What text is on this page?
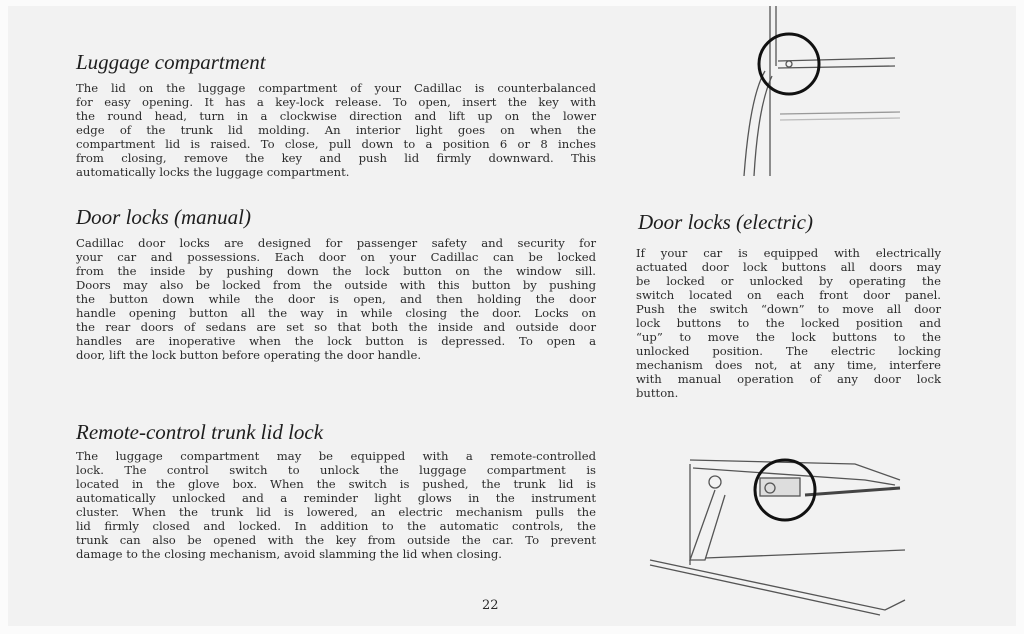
Luggage compartment
The lid on the luggage compartment of your Cadillac is counterbalanced
for easy opening. It has a key-lock release. To open, insert the key with
the round head, turn in a clockwise direction and lift up on the lower
edge of the trunk lid molding. An interior light goes on when the
compartment lid is raised. To close, pull down to a position 6 or 8 inches
from closing, remove the key and push lid firmly downward. This
automatically locks the luggage compartment.
Door locks (manual)
Cadillac door locks are designed for passenger safety and security for
your car and possessions. Each door on your Cadillac can be locked
from the inside by pushing down the lock button on the window sill.
Doors may also be locked from the outside with this button by pushing
the button down while the door is open, and then holding the door
handle opening button all the way in while closing the door. Locks on
the rear doors of sedans are set so that both the inside and outside door
handles are inoperative when the lock button is depressed. To open a
door, lift the lock button before operating the door handle.
Door locks (electric)
If your car is equipped with electrically
actuated door lock buttons all doors may
be locked or unlocked by operating the
switch located on each front door panel.
Push the switch “down” to move all door
lock buttons to the locked position and
“up” to move the lock buttons to the
unlocked position. The electric locking
mechanism does not, at any time, interfere
with manual operation of any door lock
button.
Remote-control trunk lid lock
The luggage compartment may be equipped with a remote-controlled
lock. The control switch to unlock the luggage compartment is
located in the glove box. When the switch is pushed, the trunk lid is
automatically unlocked and a reminder light glows in the instrument
cluster. When the trunk lid is lowered, an electric mechanism pulls the
lid firmly closed and locked. In addition to the automatic controls, the
trunk can also be opened with the key from outside the car. To prevent
damage to the closing mechanism, avoid slamming the lid when closing.
22
